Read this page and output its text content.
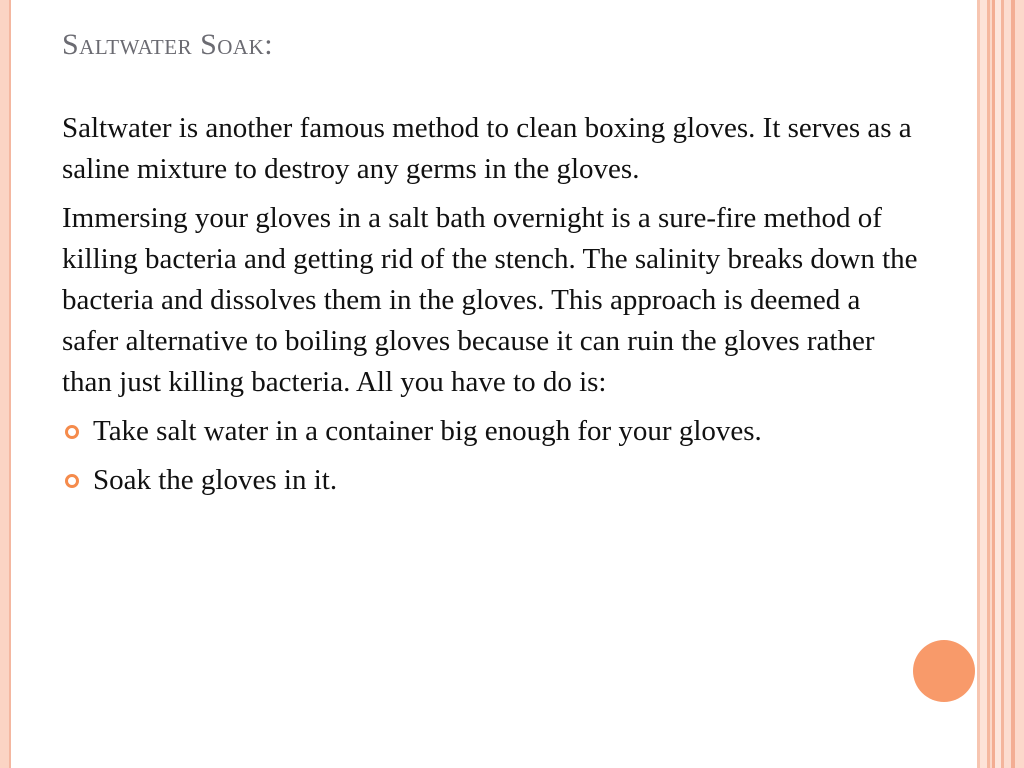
Saltwater Soak:

Saltwater is another famous method to clean boxing gloves. It serves as a saline mixture to destroy any germs in the gloves.

Immersing your gloves in a salt bath overnight is a sure-fire method of killing bacteria and getting rid of the stench. The salinity breaks down the bacteria and dissolves them in the gloves. This approach is deemed a safer alternative to boiling gloves because it can ruin the gloves rather than just killing bacteria. All you have to do is:

Take salt water in a container big enough for your gloves.
Soak the gloves in it.
